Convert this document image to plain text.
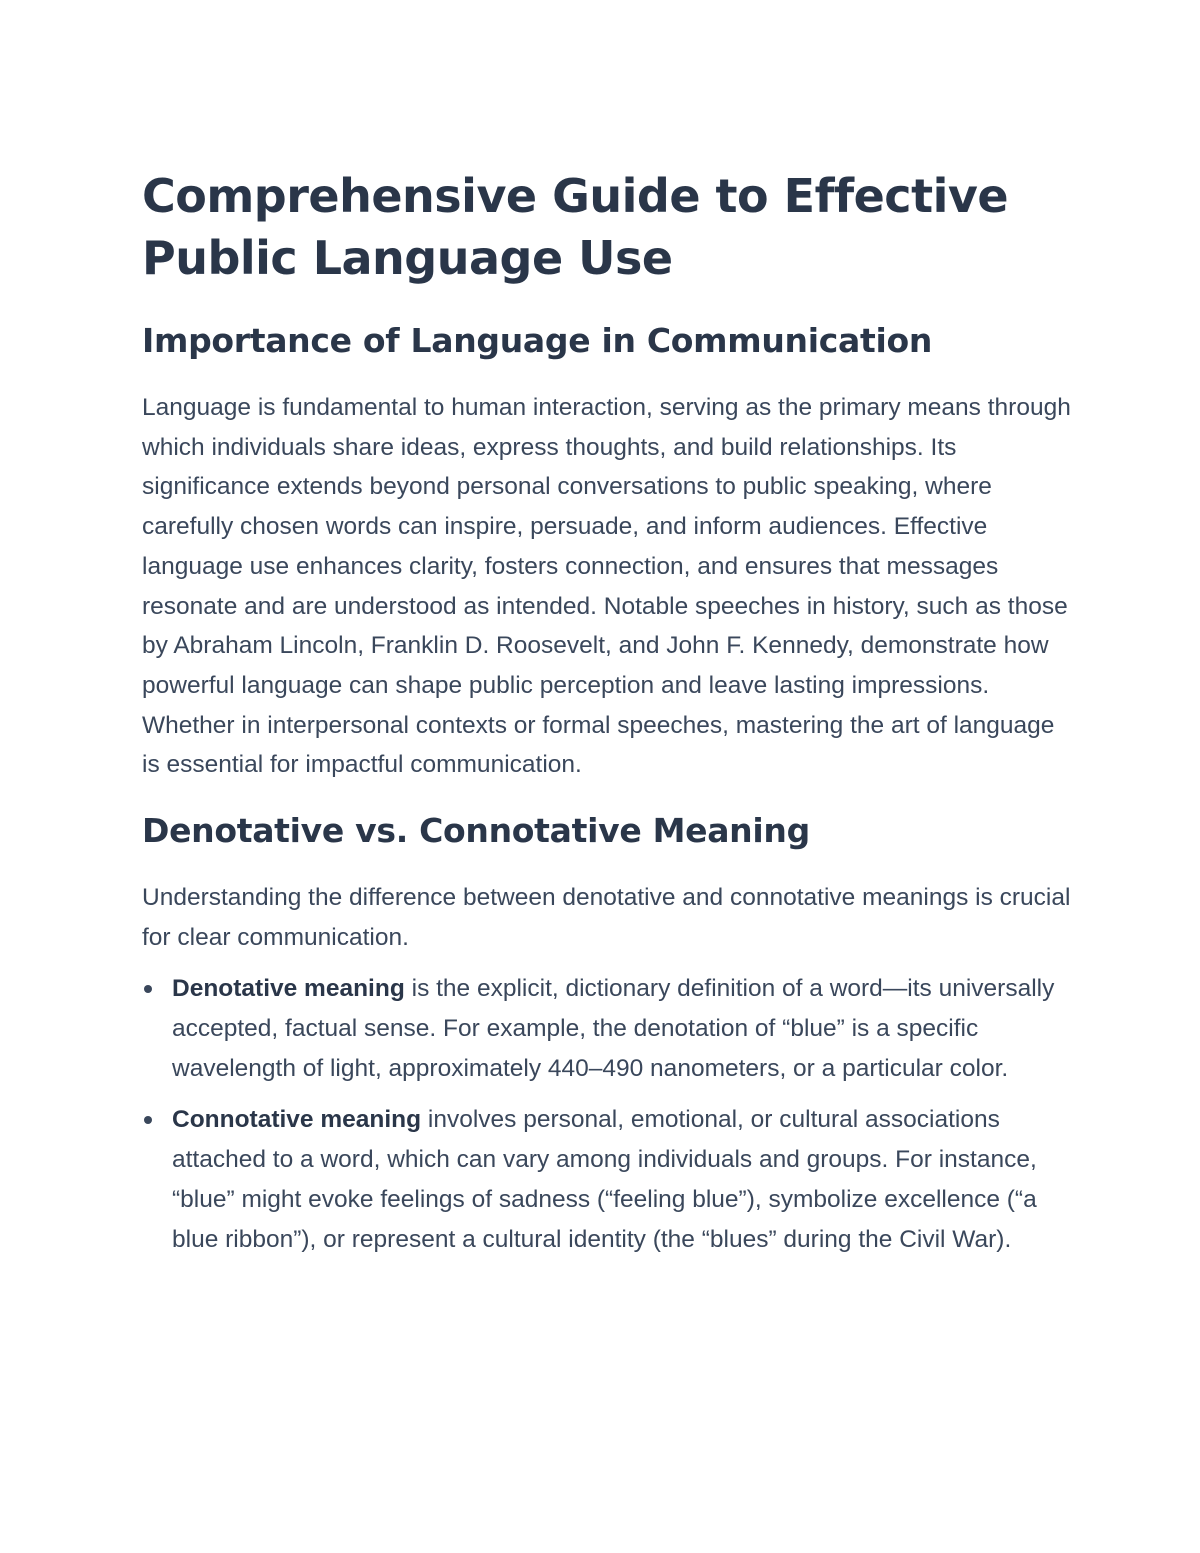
Comprehensive Guide to Effective Public Language Use
Importance of Language in Communication

Language is fundamental to human interaction, serving as the primary means through which individuals share ideas, express thoughts, and build relationships. Its significance extends beyond personal conversations to public speaking, where carefully chosen words can inspire, persuade, and inform audiences. Effective language use enhances clarity, fosters connection, and ensures that messages resonate and are understood as intended. Notable speeches in history, such as those by Abraham Lincoln, Franklin D. Roosevelt, and John F. Kennedy, demonstrate how powerful language can shape public perception and leave lasting impressions. Whether in interpersonal contexts or formal speeches, mastering the art of language is essential for impactful communication.

Denotative vs. Connotative Meaning

Understanding the difference between denotative and connotative meanings is crucial for clear communication.

Denotative meaning is the explicit, dictionary definition of a word—its universally accepted, factual sense. For example, the denotation of “blue” is a specific wavelength of light, approximately 440–490 nanometers, or a particular color.
Connotative meaning involves personal, emotional, or cultural associations attached to a word, which can vary among individuals and groups. For instance, “blue” might evoke feelings of sadness (“feeling blue”), symbolize excellence (“a blue ribbon”), or represent a cultural identity (the “blues” during the Civil War).
